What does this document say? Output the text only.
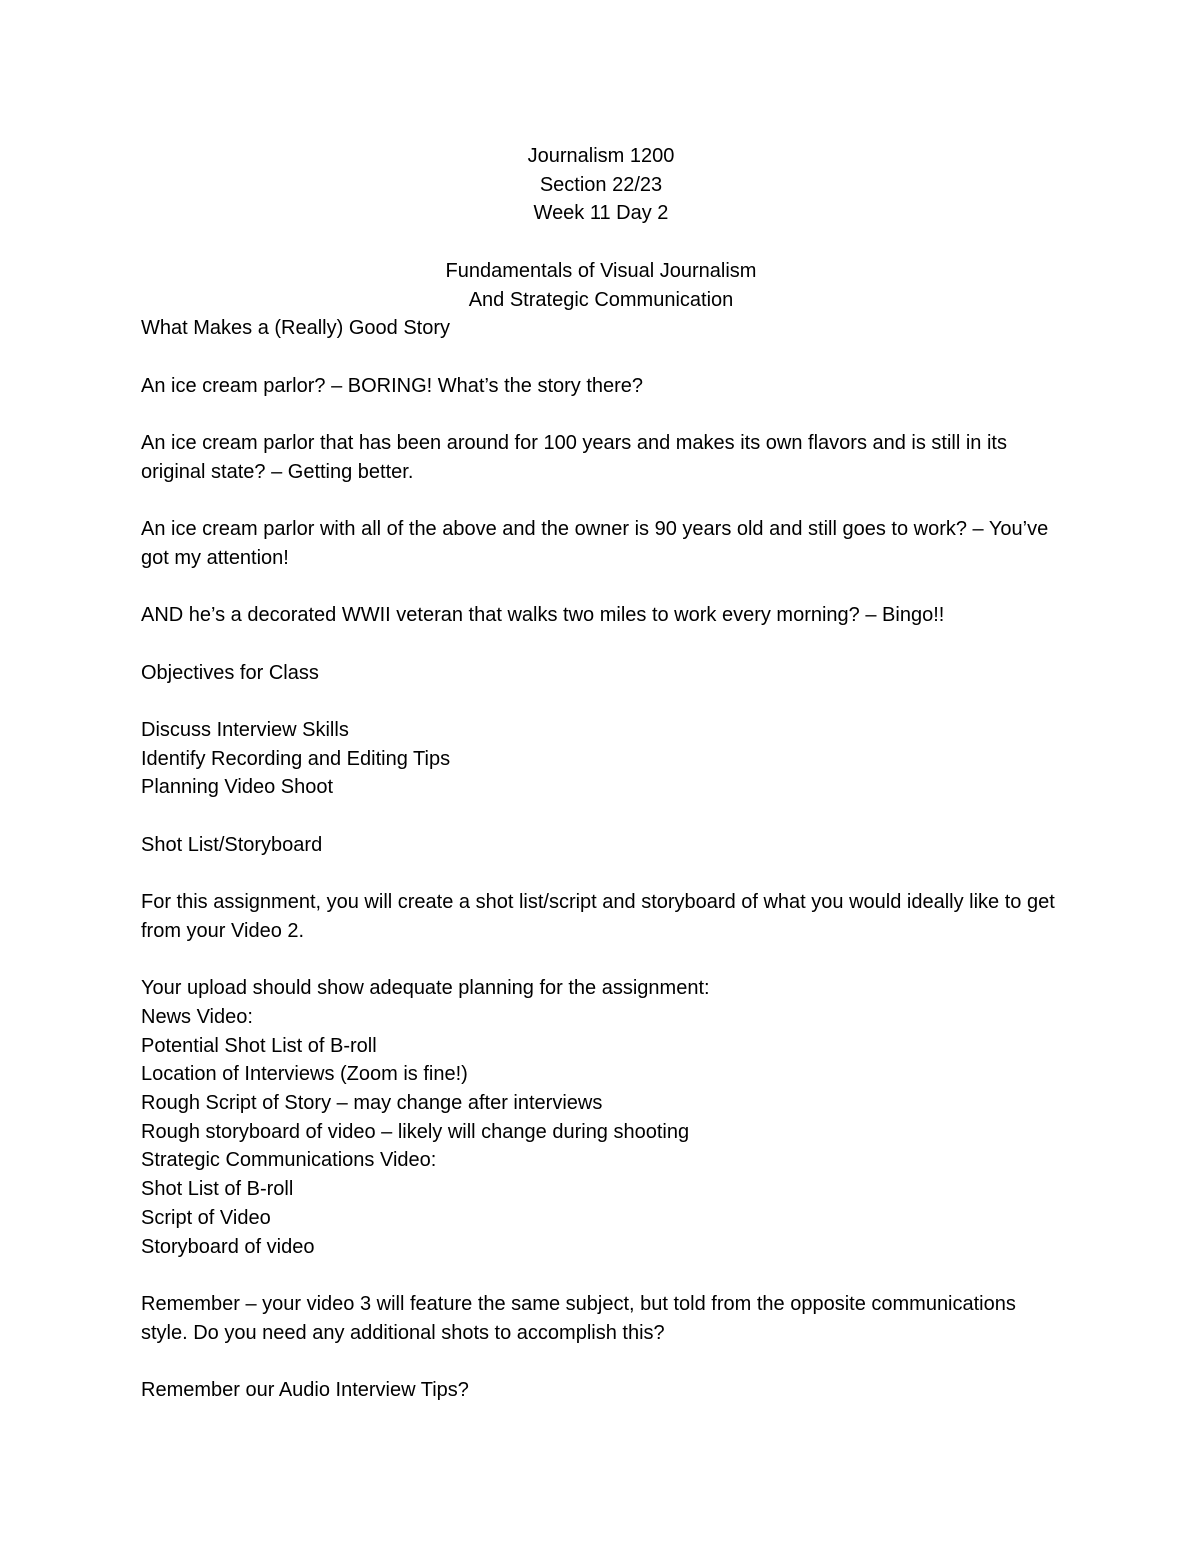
Journalism 1200
Section 22/23
Week 11 Day 2
Fundamentals of Visual Journalism
And Strategic Communication
What Makes a (Really) Good Story
An ice cream parlor? – BORING! What’s the story there?
An ice cream parlor that has been around for 100 years and makes its own flavors and is still in its original state? – Getting better.
An ice cream parlor with all of the above and the owner is 90 years old and still goes to work? – You’ve got my attention!
AND he’s a decorated WWII veteran that walks two miles to work every morning? – Bingo!!
Objectives for Class
Discuss Interview Skills
Identify Recording and Editing Tips
Planning Video Shoot
Shot List/Storyboard
For this assignment, you will create a shot list/script and storyboard of what you would ideally like to get from your Video 2.
Your upload should show adequate planning for the assignment:
News Video:
Potential Shot List of B-roll
Location of Interviews (Zoom is fine!)
Rough Script of Story – may change after interviews
Rough storyboard of video – likely will change during shooting
Strategic Communications Video:
Shot List of B-roll
Script of Video
Storyboard of video
Remember – your video 3 will feature the same subject, but told from the opposite communications style. Do you need any additional shots to accomplish this?
Remember our Audio Interview Tips?
